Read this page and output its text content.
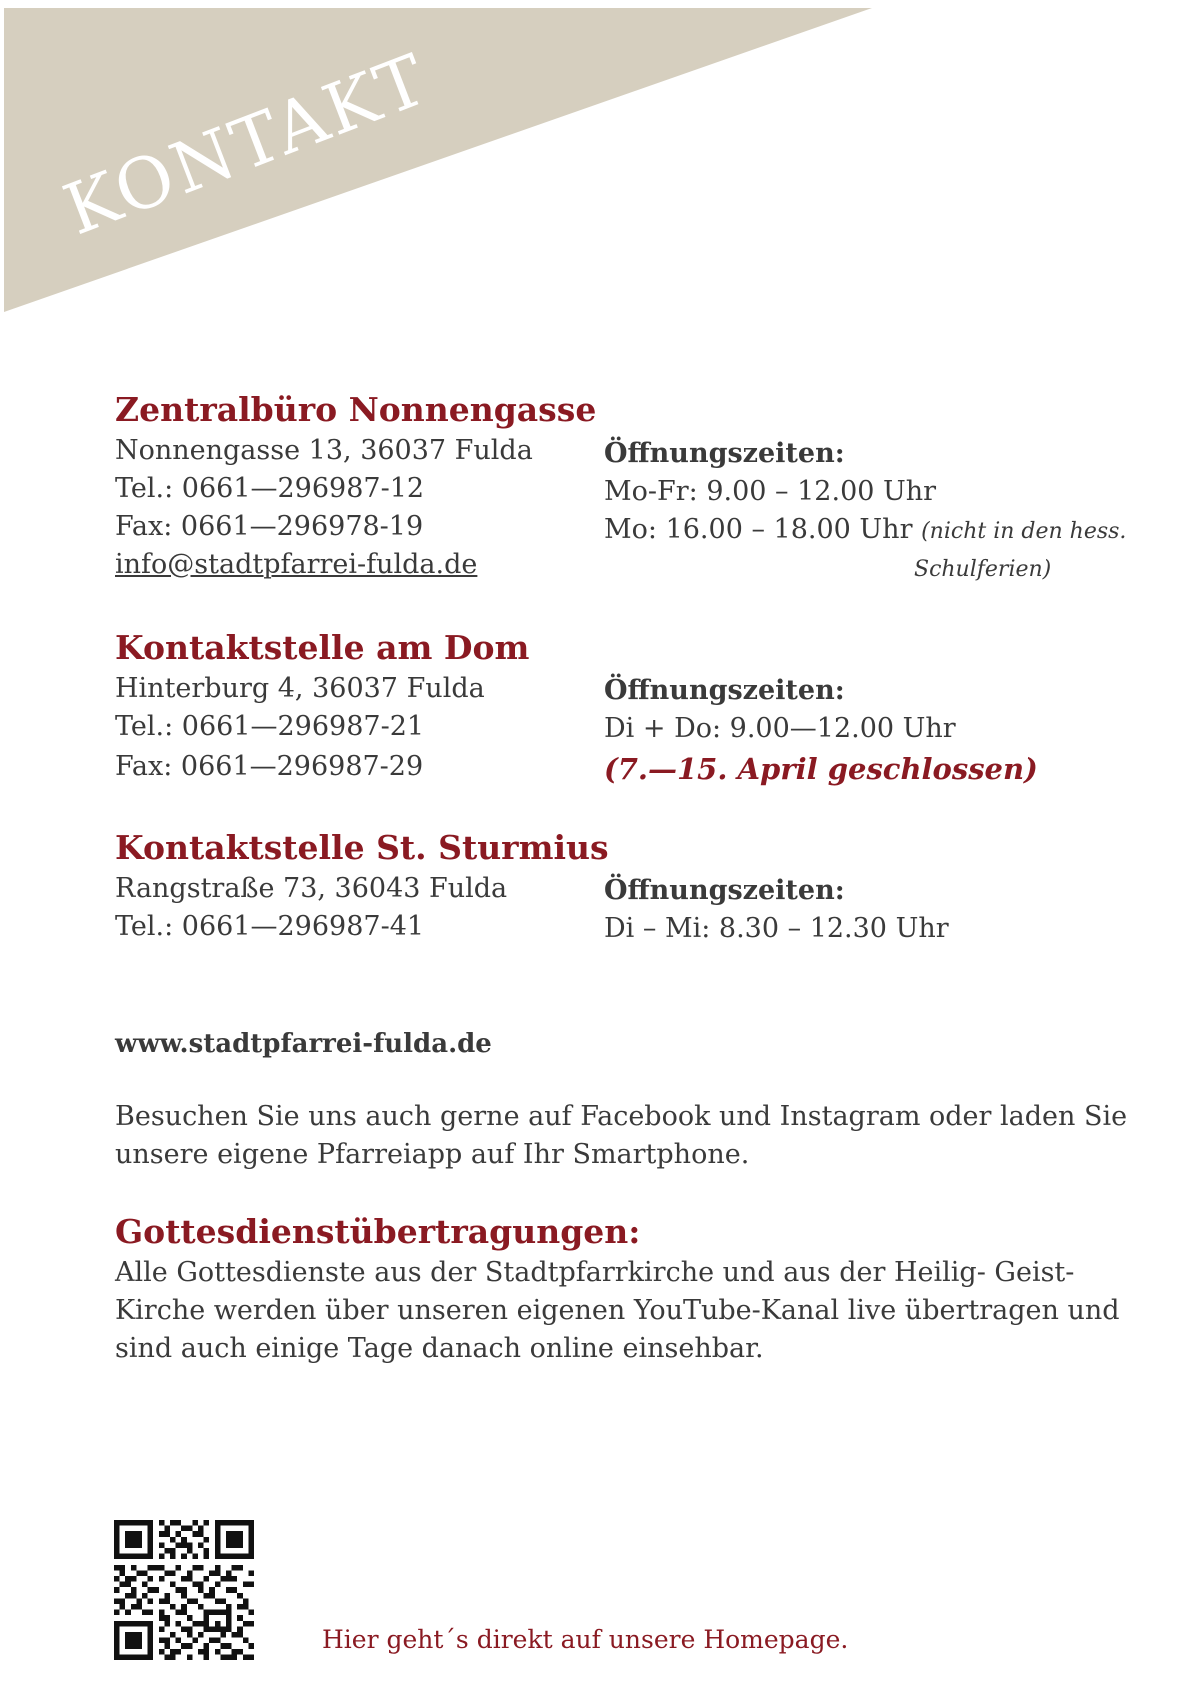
KONTAKT
Zentralbüro Nonnengasse
Nonnengasse 13, 36037 Fulda
Tel.: 0661—296987-12
Fax: 0661—296978-19
info@stadtpfarrei-fulda.de
Öffnungszeiten:
Mo-Fr: 9.00 – 12.00 Uhr
Mo: 16.00 – 18.00 Uhr (nicht in den hess.
Schulferien)
Kontaktstelle am Dom
Hinterburg 4, 36037 Fulda
Tel.: 0661—296987-21
Fax: 0661—296987-29
Öffnungszeiten:
Di + Do: 9.00—12.00 Uhr
(7.—15. April geschlossen)
Kontaktstelle St. Sturmius
Rangstraße 73, 36043 Fulda
Tel.: 0661—296987-41
Öffnungszeiten:
Di – Mi: 8.30 – 12.30 Uhr
www.stadtpfarrei-fulda.de
Besuchen Sie uns auch gerne auf Facebook und Instagram oder laden Sie
unsere eigene Pfarreiapp auf Ihr Smartphone.
Gottesdienstübertragungen:
Alle Gottesdienste aus der Stadtpfarrkirche und aus der Heilig- Geist-
Kirche werden über unseren eigenen YouTube-Kanal live übertragen und
sind auch einige Tage danach online einsehbar.
Hier geht´s direkt auf unsere Homepage.
